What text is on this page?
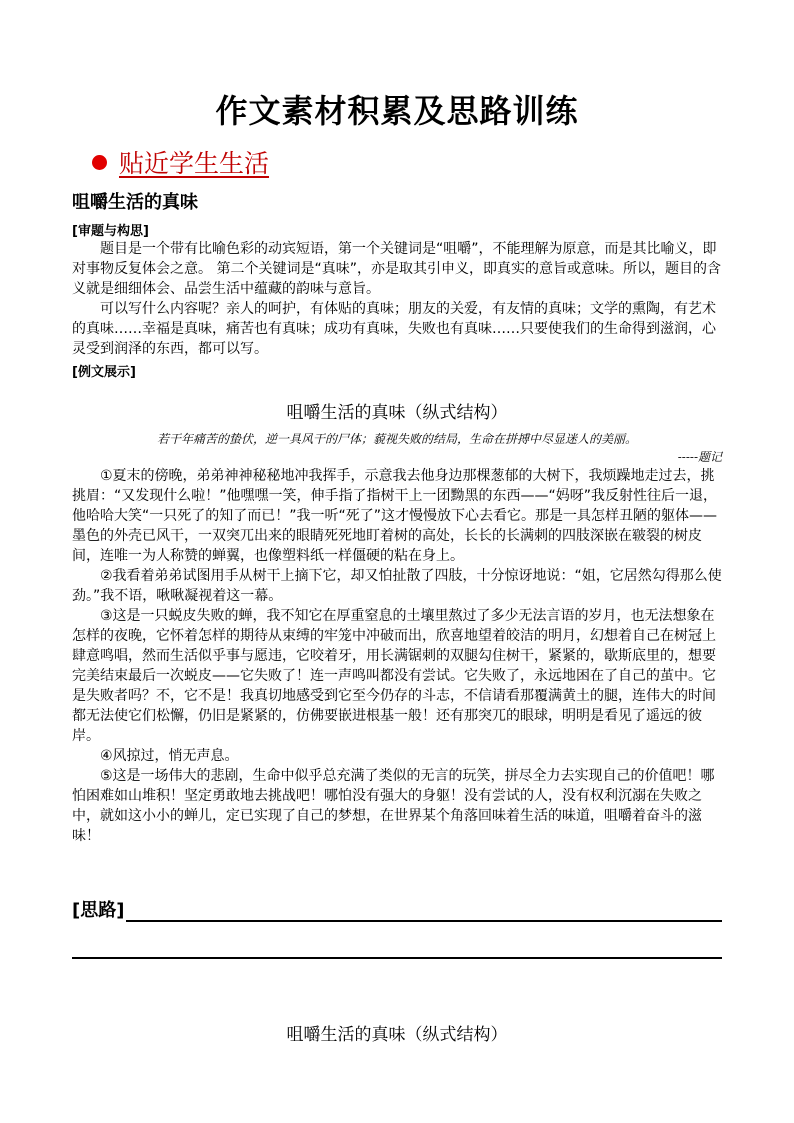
作文素材积累及思路训练
贴近学生生活
咀嚼生活的真味
[审题与构思]
题目是一个带有比喻色彩的动宾短语，第一个关键词是“咀嚼”，不能理解为原意，而是其比喻义，即对事物反复体会之意。 第二个关键词是“真味”，亦是取其引申义，即真实的意旨或意味。所以，题目的含义就是细细体会、品尝生活中蕴藏的韵味与意旨。
可以写什么内容呢？亲人的呵护，有体贴的真味；朋友的关爱，有友情的真味；文学的熏陶，有艺术的真味……幸福是真味，痛苦也有真味；成功有真味，失败也有真味……只要使我们的生命得到滋润，心灵受到润泽的东西，都可以写。
[例文展示]
咀嚼生活的真味（纵式结构）
若干年痛苦的蛰伏，逆一具风干的尸体；藐视失败的结局，生命在拼搏中尽显迷人的美丽。
-----题记
①夏末的傍晚，弟弟神神秘秘地冲我挥手，示意我去他身边那棵葱郁的大树下，我烦躁地走过去，挑挑眉：“又发现什么啦！”他嘿嘿一笑，伸手指了指树干上一团黝黑的东西——“妈呀”我反射性往后一退，他哈哈大笑“一只死了的知了而已！”我一听“死了”这才慢慢放下心去看它。那是一具怎样丑陋的躯体——墨色的外壳已风干，一双突兀出来的眼睛死死地盯着树的高处，长长的长满刺的四肢深嵌在皲裂的树皮间，连唯一为人称赞的蝉翼，也像塑料纸一样僵硬的粘在身上。
②我看着弟弟试图用手从树干上摘下它，却又怕扯散了四肢，十分惊讶地说：“姐，它居然勾得那么使劲。”我不语，啾啾凝视着这一幕。
③这是一只蜕皮失败的蝉，我不知它在厚重窒息的土壤里熬过了多少无法言语的岁月，也无法想象在怎样的夜晚，它怀着怎样的期待从束缚的牢笼中冲破而出，欣喜地望着皎洁的明月，幻想着自己在树冠上肆意鸣唱，然而生活似乎事与愿违，它咬着牙，用长满锯刺的双腿勾住树干，紧紧的，歇斯底里的，想要完美结束最后一次蜕皮——它失败了！连一声鸣叫都没有尝试。它失败了，永远地困在了自己的茧中。它是失败者吗？不，它不是！我真切地感受到它至今仍存的斗志，不信请看那覆满黄土的腿，连伟大的时间都无法使它们松懈，仍旧是紧紧的，仿佛要嵌进根基一般！还有那突兀的眼球，明明是看见了遥远的彼岸。
④风掠过，悄无声息。
⑤这是一场伟大的悲剧，生命中似乎总充满了类似的无言的玩笑，拼尽全力去实现自己的价值吧！哪怕困难如山堆积！坚定勇敢地去挑战吧！哪怕没有强大的身躯！没有尝试的人，没有权利沉溺在失败之中，就如这小小的蝉儿，定已实现了自己的梦想，在世界某个角落回味着生活的味道，咀嚼着奋斗的滋味！
[思路]
咀嚼生活的真味（纵式结构）
